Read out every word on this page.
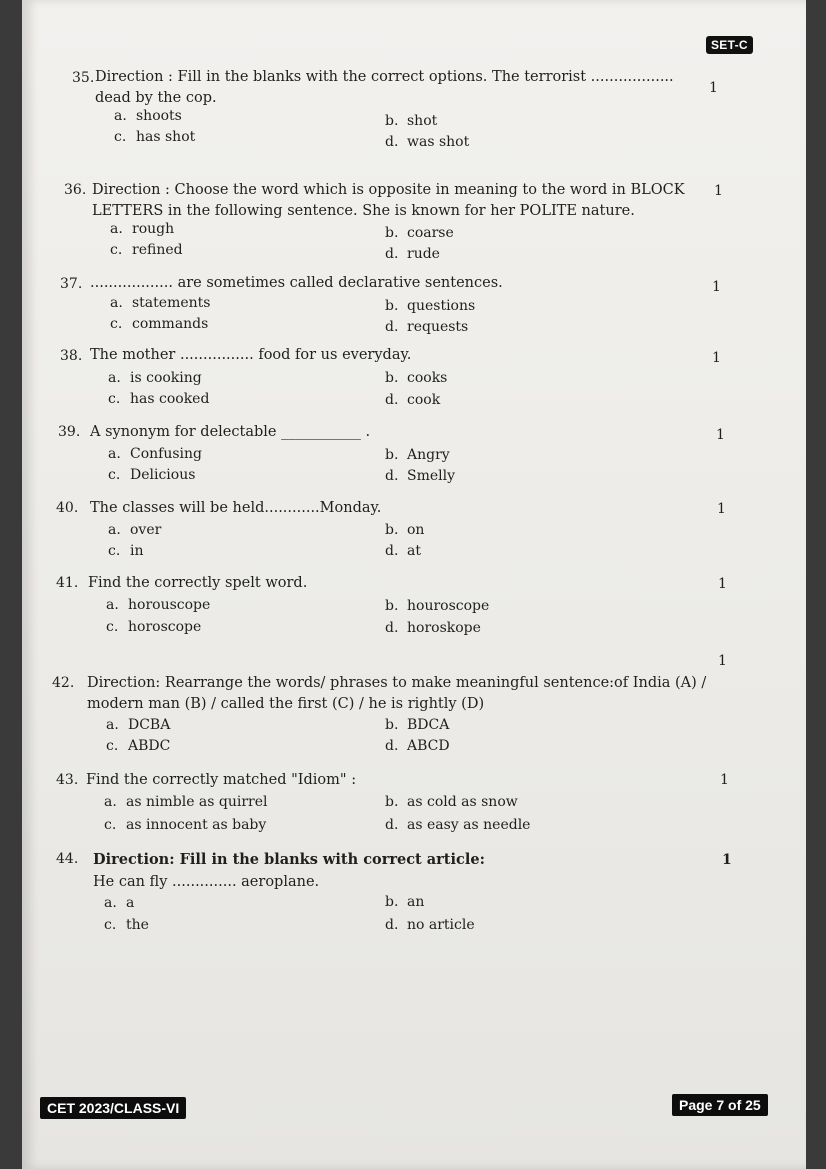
SET-C
35. Direction : Fill in the blanks with the correct options. The terrorist ..................
dead by the cop.
1
a. shoots	b. shot
c. has shot	d. was shot
36. Direction : Choose the word which is opposite in meaning to the word in BLOCK
LETTERS in the following sentence. She is known for her POLITE nature.
1
a. rough	b. coarse
c. refined	d. rude
37. .................. are sometimes called declarative sentences.	1
a. statements	b. questions
c. commands	d. requests
38. The mother ................ food for us everyday.	1
a. is cooking	b. cooks
c. has cooked	d. cook
39. A synonym for delectable ___________ .	1
a. Confusing	b. Angry
c. Delicious	d. Smelly
40. The classes will be held............Monday.	1
a. over	b. on
c. in	d. at
41. Find the correctly spelt word.	1
a. horouscope	b. houroscope
c. horoscope	d. horoskope
42.
1
Direction: Rearrange the words/ phrases to make meaningful sentence:of India (A) /
modern man (B) / called the first (C) / he is rightly (D)
a. DCBA	b. BDCA
c. ABDC	d. ABCD
43. Find the correctly matched "Idiom" :	1
a. as nimble as quirrel	b. as cold as snow
c. as innocent as baby	d. as easy as needle
44. Direction: Fill in the blanks with correct article:
He can fly .............. aeroplane.
1
a. a	b. an
c. the	d. no article
CET 2023/CLASS-VI	Page 7 of 25
